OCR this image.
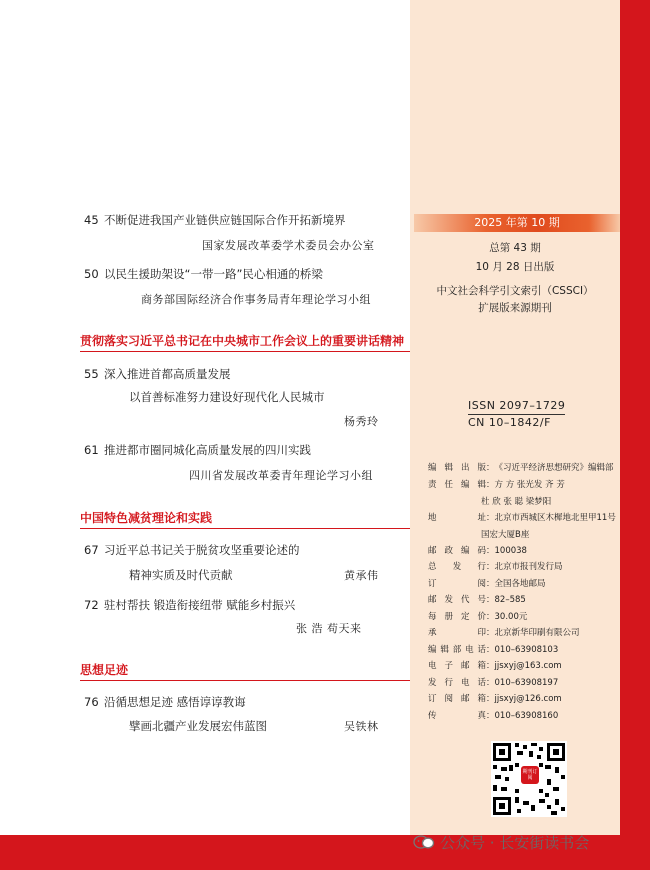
45 不断促进我国产业链供应链国际合作开拓新境界
国家发展改革委学术委员会办公室
50 以民生援助架设“一带一路”民心相通的桥梁
商务部国际经济合作事务局青年理论学习小组
贯彻落实习近平总书记在中央城市工作会议上的重要讲话精神
55 深入推进首都高质量发展
以首善标准努力建设好现代化人民城市
杨秀玲
61 推进都市圈同城化高质量发展的四川实践
四川省发展改革委青年理论学习小组
中国特色减贫理论和实践
67 习近平总书记关于脱贫攻坚重要论述的
精神实质及时代贡献	黄承伟
72 驻村帮扶 锻造衔接纽带 赋能乡村振兴
张 浩 苟天来
思想足迹
76 沿循思想足迹 感悟谆谆教诲
擘画北疆产业发展宏伟蓝图	吴铁林
2025 年第 10 期
总第 43 期
10 月 28 日出版
中文社会科学引文索引（CSSCI）
扩展版来源期刊
ISSN 2097–1729
CN 10–1842/F
编辑出版：《习近平经济思想研究》编辑部
责任编辑：方 方 张光发 齐 芳
杜 欣 张 聪 梁梦阳
地址：北京市西城区木樨地北里甲11号
国宏大厦B座
邮政编码：100038
总发行：北京市报刊发行局
订阅：全国各地邮局
邮发代号：82–585
每册定价：30.00元
承印：北京新华印刷有限公司
编辑部电话：010–63908103
电子邮箱：jjsxyj@163.com
发行电话：010–63908197
订阅邮箱：jjsxyj@126.com
传真：010–63908160
期刊订阅
公众号 · 长安街读书会
